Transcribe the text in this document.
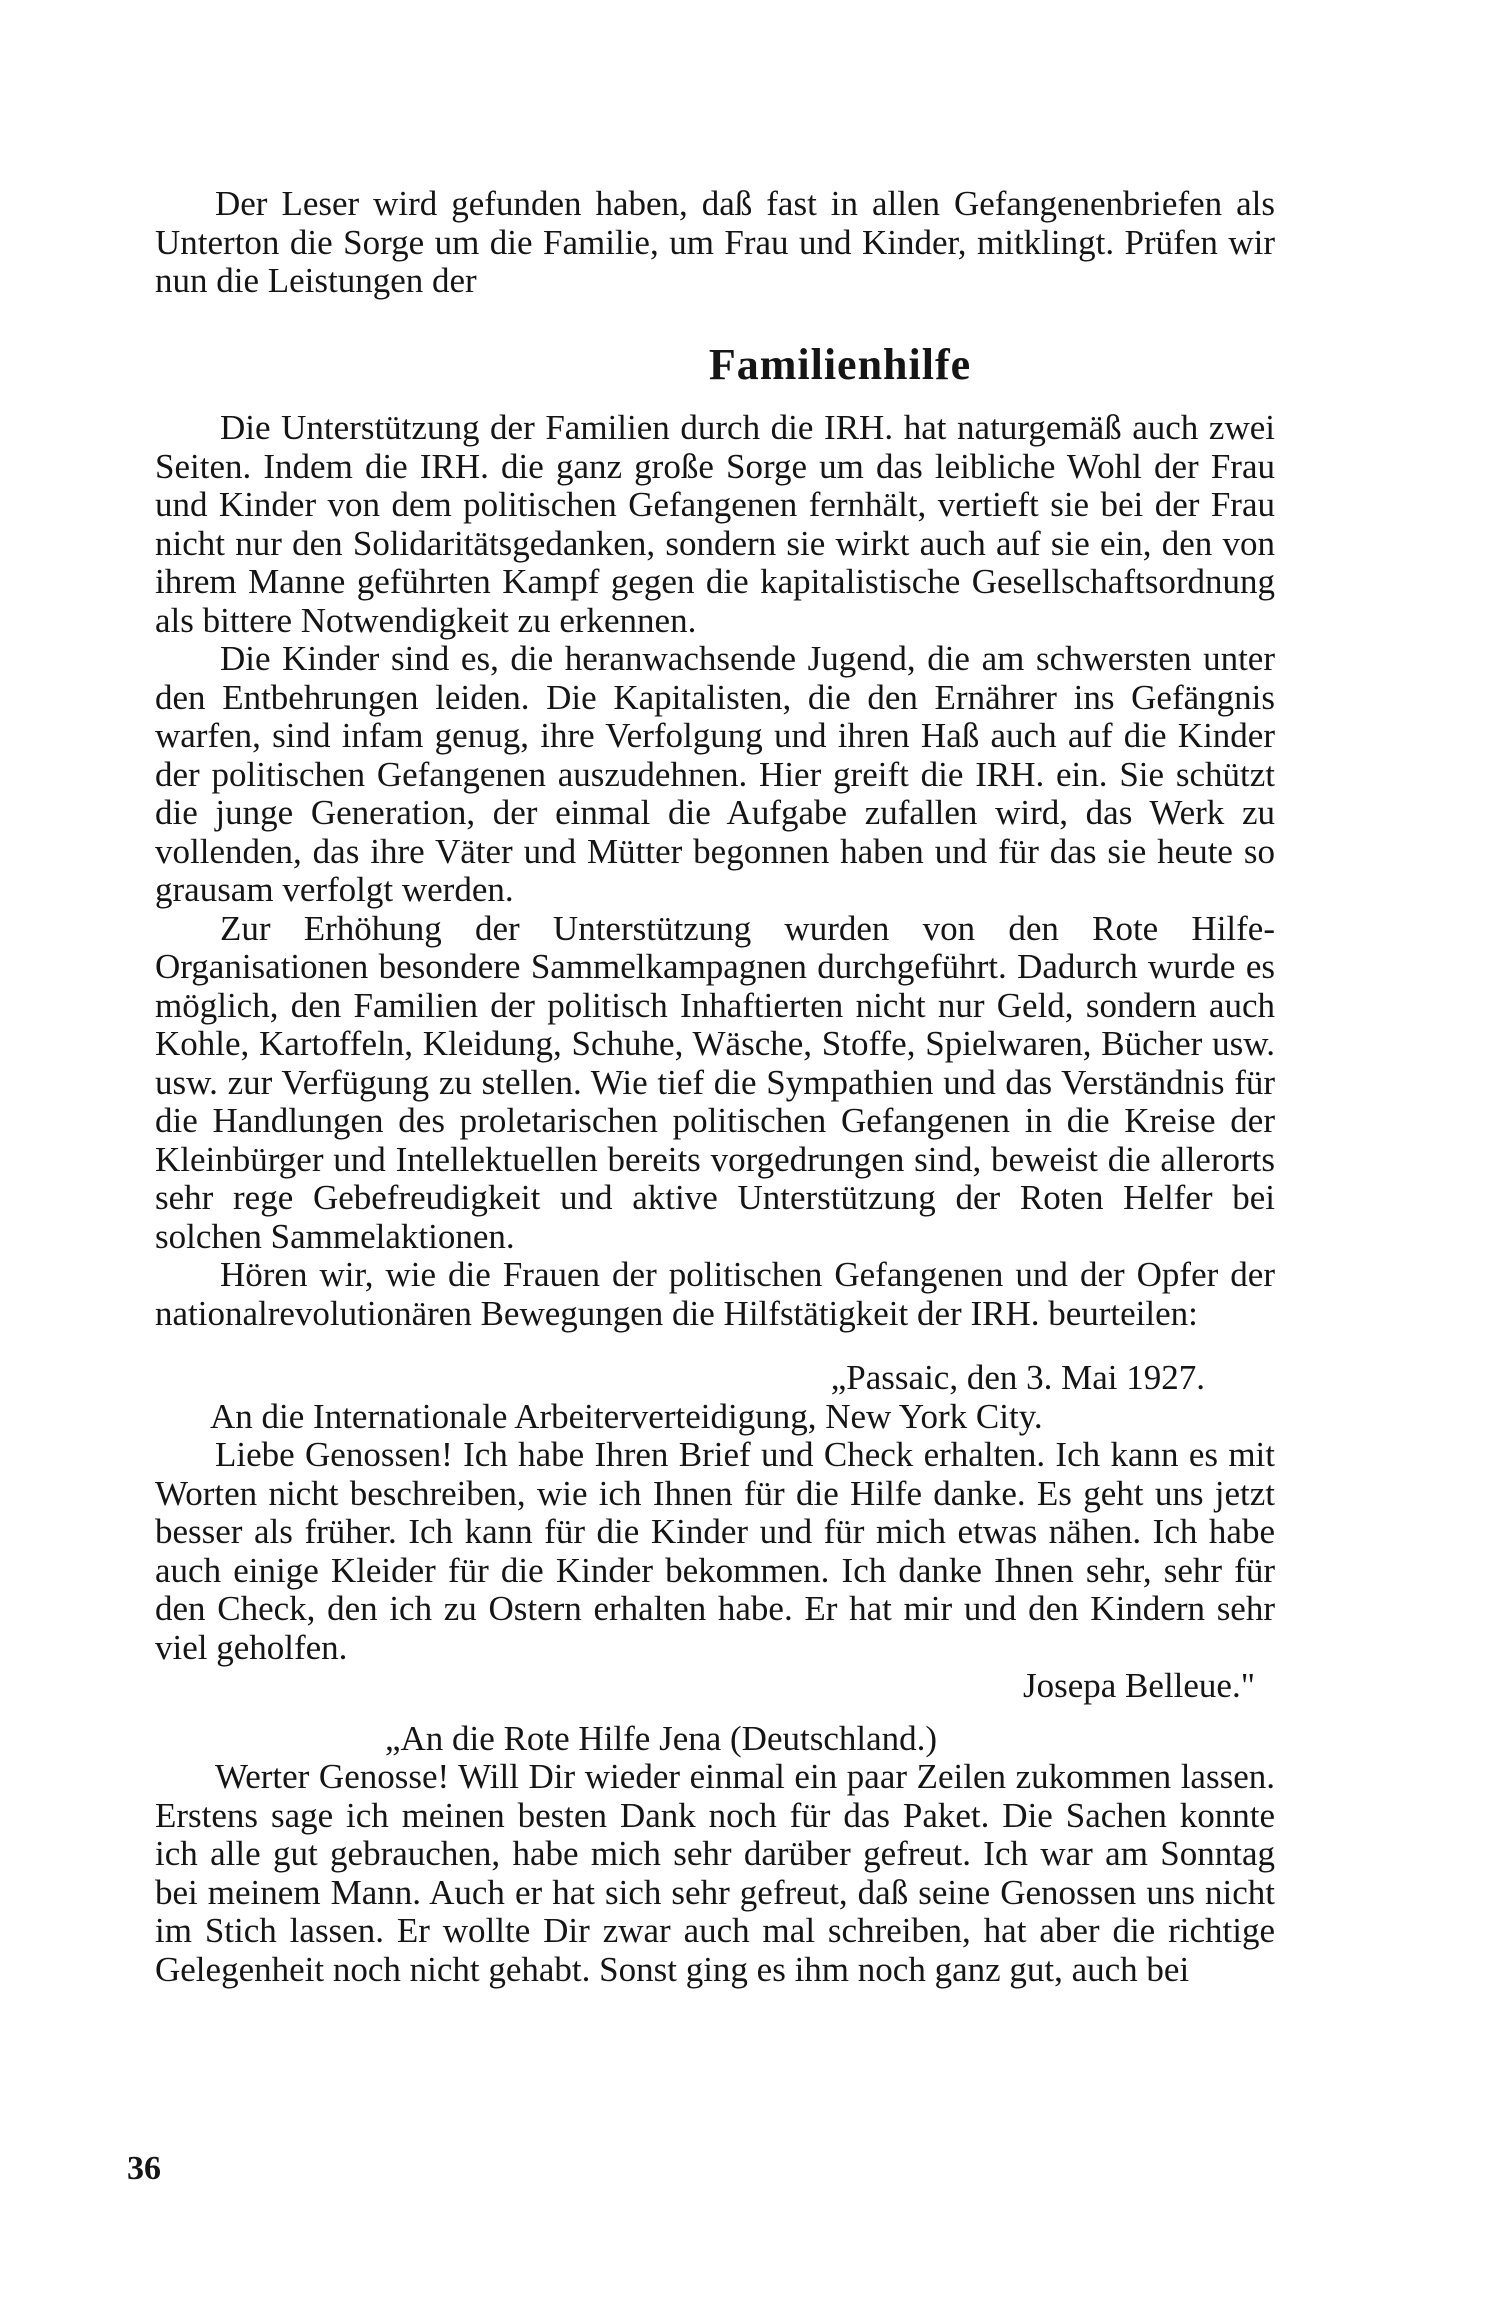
Der Leser wird gefunden haben, daß fast in allen Gefangenenbriefen als Unterton die Sorge um die Familie, um Frau und Kinder, mitklingt. Prüfen wir nun die Leistungen der

Familienhilfe

Die Unterstützung der Familien durch die IRH. hat naturgemäß auch zwei Seiten. Indem die IRH. die ganz große Sorge um das leibliche Wohl der Frau und Kinder von dem politischen Gefangenen fernhält, vertieft sie bei der Frau nicht nur den Solidaritätsgedanken, sondern sie wirkt auch auf sie ein, den von ihrem Manne geführten Kampf gegen die kapitalistische Gesellschaftsordnung als bittere Notwendigkeit zu erkennen.

Die Kinder sind es, die heranwachsende Jugend, die am schwersten unter den Entbehrungen leiden. Die Kapitalisten, die den Ernährer ins Gefängnis warfen, sind infam genug, ihre Verfolgung und ihren Haß auch auf die Kinder der politischen Gefangenen auszudehnen. Hier greift die IRH. ein. Sie schützt die junge Generation, der einmal die Aufgabe zufallen wird, das Werk zu vollenden, das ihre Väter und Mütter begonnen haben und für das sie heute so grausam verfolgt werden.

Zur Erhöhung der Unterstützung wurden von den Rote Hilfe-Organisationen besondere Sammelkampagnen durchgeführt. Dadurch wurde es möglich, den Familien der politisch Inhaftierten nicht nur Geld, sondern auch Kohle, Kartoffeln, Kleidung, Schuhe, Wäsche, Stoffe, Spielwaren, Bücher usw. usw. zur Verfügung zu stellen. Wie tief die Sympathien und das Verständnis für die Handlungen des proletarischen politischen Gefangenen in die Kreise der Kleinbürger und Intellektuellen bereits vorgedrungen sind, beweist die allerorts sehr rege Gebefreudigkeit und aktive Unterstützung der Roten Helfer bei solchen Sammelaktionen.

Hören wir, wie die Frauen der politischen Gefangenen und der Opfer der nationalrevolutionären Bewegungen die Hilfstätigkeit der IRH. beurteilen:

„Passaic, den 3. Mai 1927.

An die Internationale Arbeiterverteidigung, New York City.

Liebe Genossen! Ich habe Ihren Brief und Check erhalten. Ich kann es mit Worten nicht beschreiben, wie ich Ihnen für die Hilfe danke. Es geht uns jetzt besser als früher. Ich kann für die Kinder und für mich etwas nähen. Ich habe auch einige Kleider für die Kinder bekommen. Ich danke Ihnen sehr, sehr für den Check, den ich zu Ostern erhalten habe. Er hat mir und den Kindern sehr viel geholfen.

Josepa Belleue."

„An die Rote Hilfe Jena (Deutschland.)

Werter Genosse! Will Dir wieder einmal ein paar Zeilen zukommen lassen. Erstens sage ich meinen besten Dank noch für das Paket. Die Sachen konnte ich alle gut gebrauchen, habe mich sehr darüber gefreut. Ich war am Sonntag bei meinem Mann. Auch er hat sich sehr gefreut, daß seine Genossen uns nicht im Stich lassen. Er wollte Dir zwar auch mal schreiben, hat aber die richtige Gelegenheit noch nicht gehabt. Sonst ging es ihm noch ganz gut, auch bei

36
